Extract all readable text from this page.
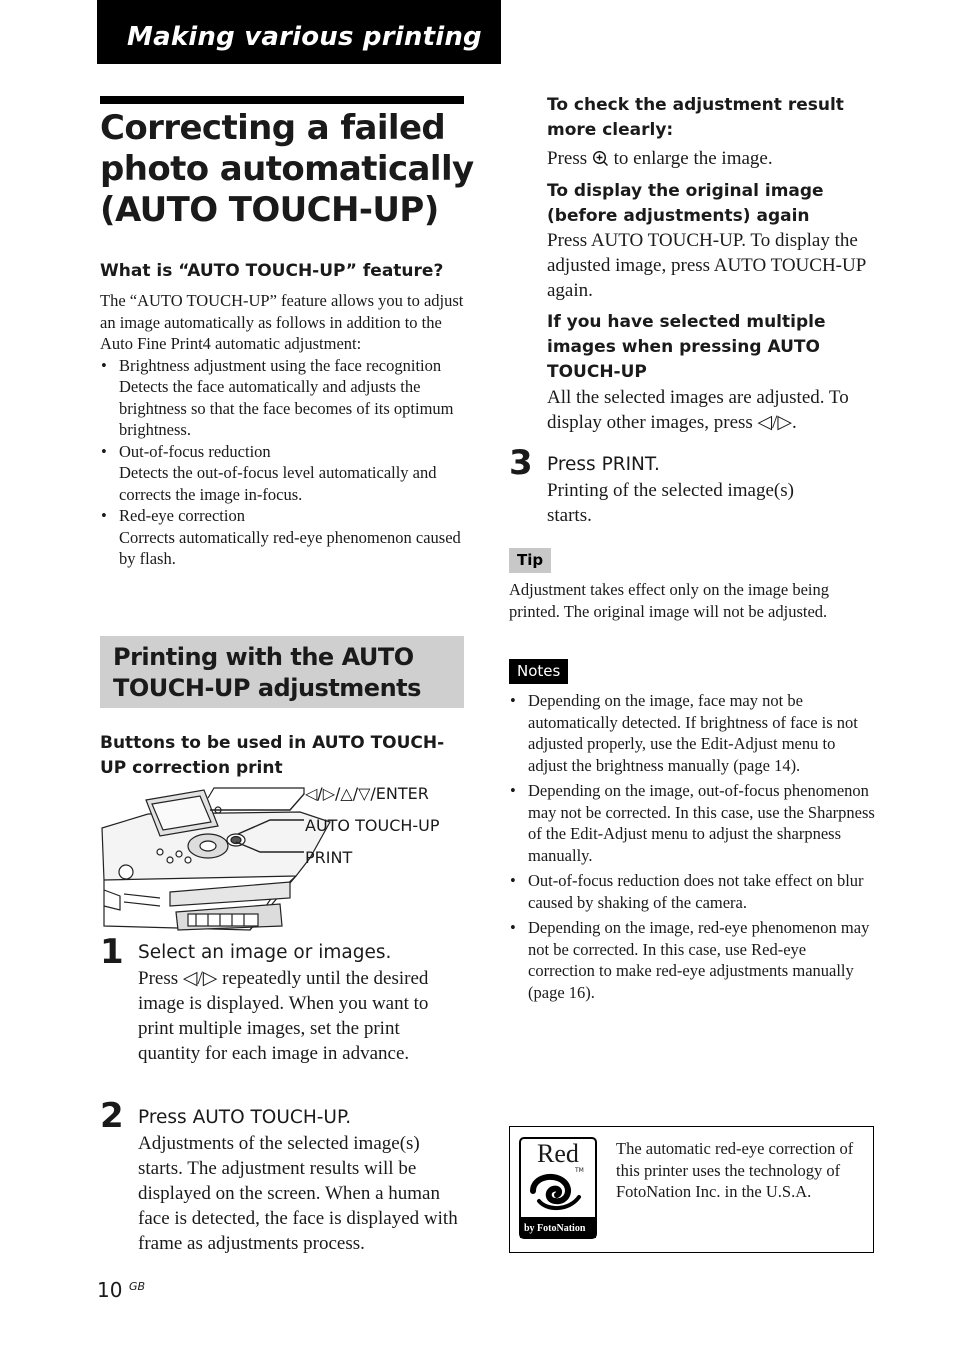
Making various printing
Correcting a failed
photo automatically
(AUTO TOUCH-UP)
What is “AUTO TOUCH-UP” feature?
The “AUTO TOUCH-UP” feature allows you to adjust an image automatically as follows in addition to the Auto Fine Print4 automatic adjustment:
• Brightness adjustment using the face recognition
Detects the face automatically and adjusts the brightness so that the face becomes of its optimum brightness.
• Out-of-focus reduction
Detects the out-of-focus level automatically and corrects the image in-focus.
• Red-eye correction
Corrects automatically red-eye phenomenon caused by flash.
Printing with the AUTO
TOUCH-UP adjustments
Buttons to be used in AUTO TOUCH-UP correction print
◁/▷/△/▽/ENTER
AUTO TOUCH-UP
PRINT
1 Select an image or images.
Press ◁/▷ repeatedly until the desired image is displayed. When you want to print multiple images, set the print quantity for each image in advance.
2 Press AUTO TOUCH-UP.
Adjustments of the selected image(s) starts. The adjustment results will be displayed on the screen. When a human face is detected, the face is displayed with frame as adjustments process.
To check the adjustment result more clearly:
Press  to enlarge the image.
To display the original image (before adjustments) again
Press AUTO TOUCH-UP. To display the adjusted image, press AUTO TOUCH-UP again.
If you have selected multiple images when pressing AUTO TOUCH-UP
All the selected images are adjusted. To display other images, press ◁/▷.
3 Press PRINT.
Printing of the selected image(s) starts.
Tip
Adjustment takes effect only on the image being printed. The original image will not be adjusted.
Notes
• Depending on the image, face may not be automatically detected. If brightness of face is not adjusted properly, use the Edit-Adjust menu to adjust the brightness manually (page 14).
• Depending on the image, out-of-focus phenomenon may not be corrected. In this case, use the Sharpness of the Edit-Adjust menu to adjust the sharpness manually.
• Out-of-focus reduction does not take effect on blur caused by shaking of the camera.
• Depending on the image, red-eye phenomenon may not be corrected. In this case, use Red-eye correction to make red-eye adjustments manually (page 16).
Red
TM
by FotoNation
The automatic red-eye correction of this printer uses the technology of FotoNation Inc. in the U.S.A.
10 GB
